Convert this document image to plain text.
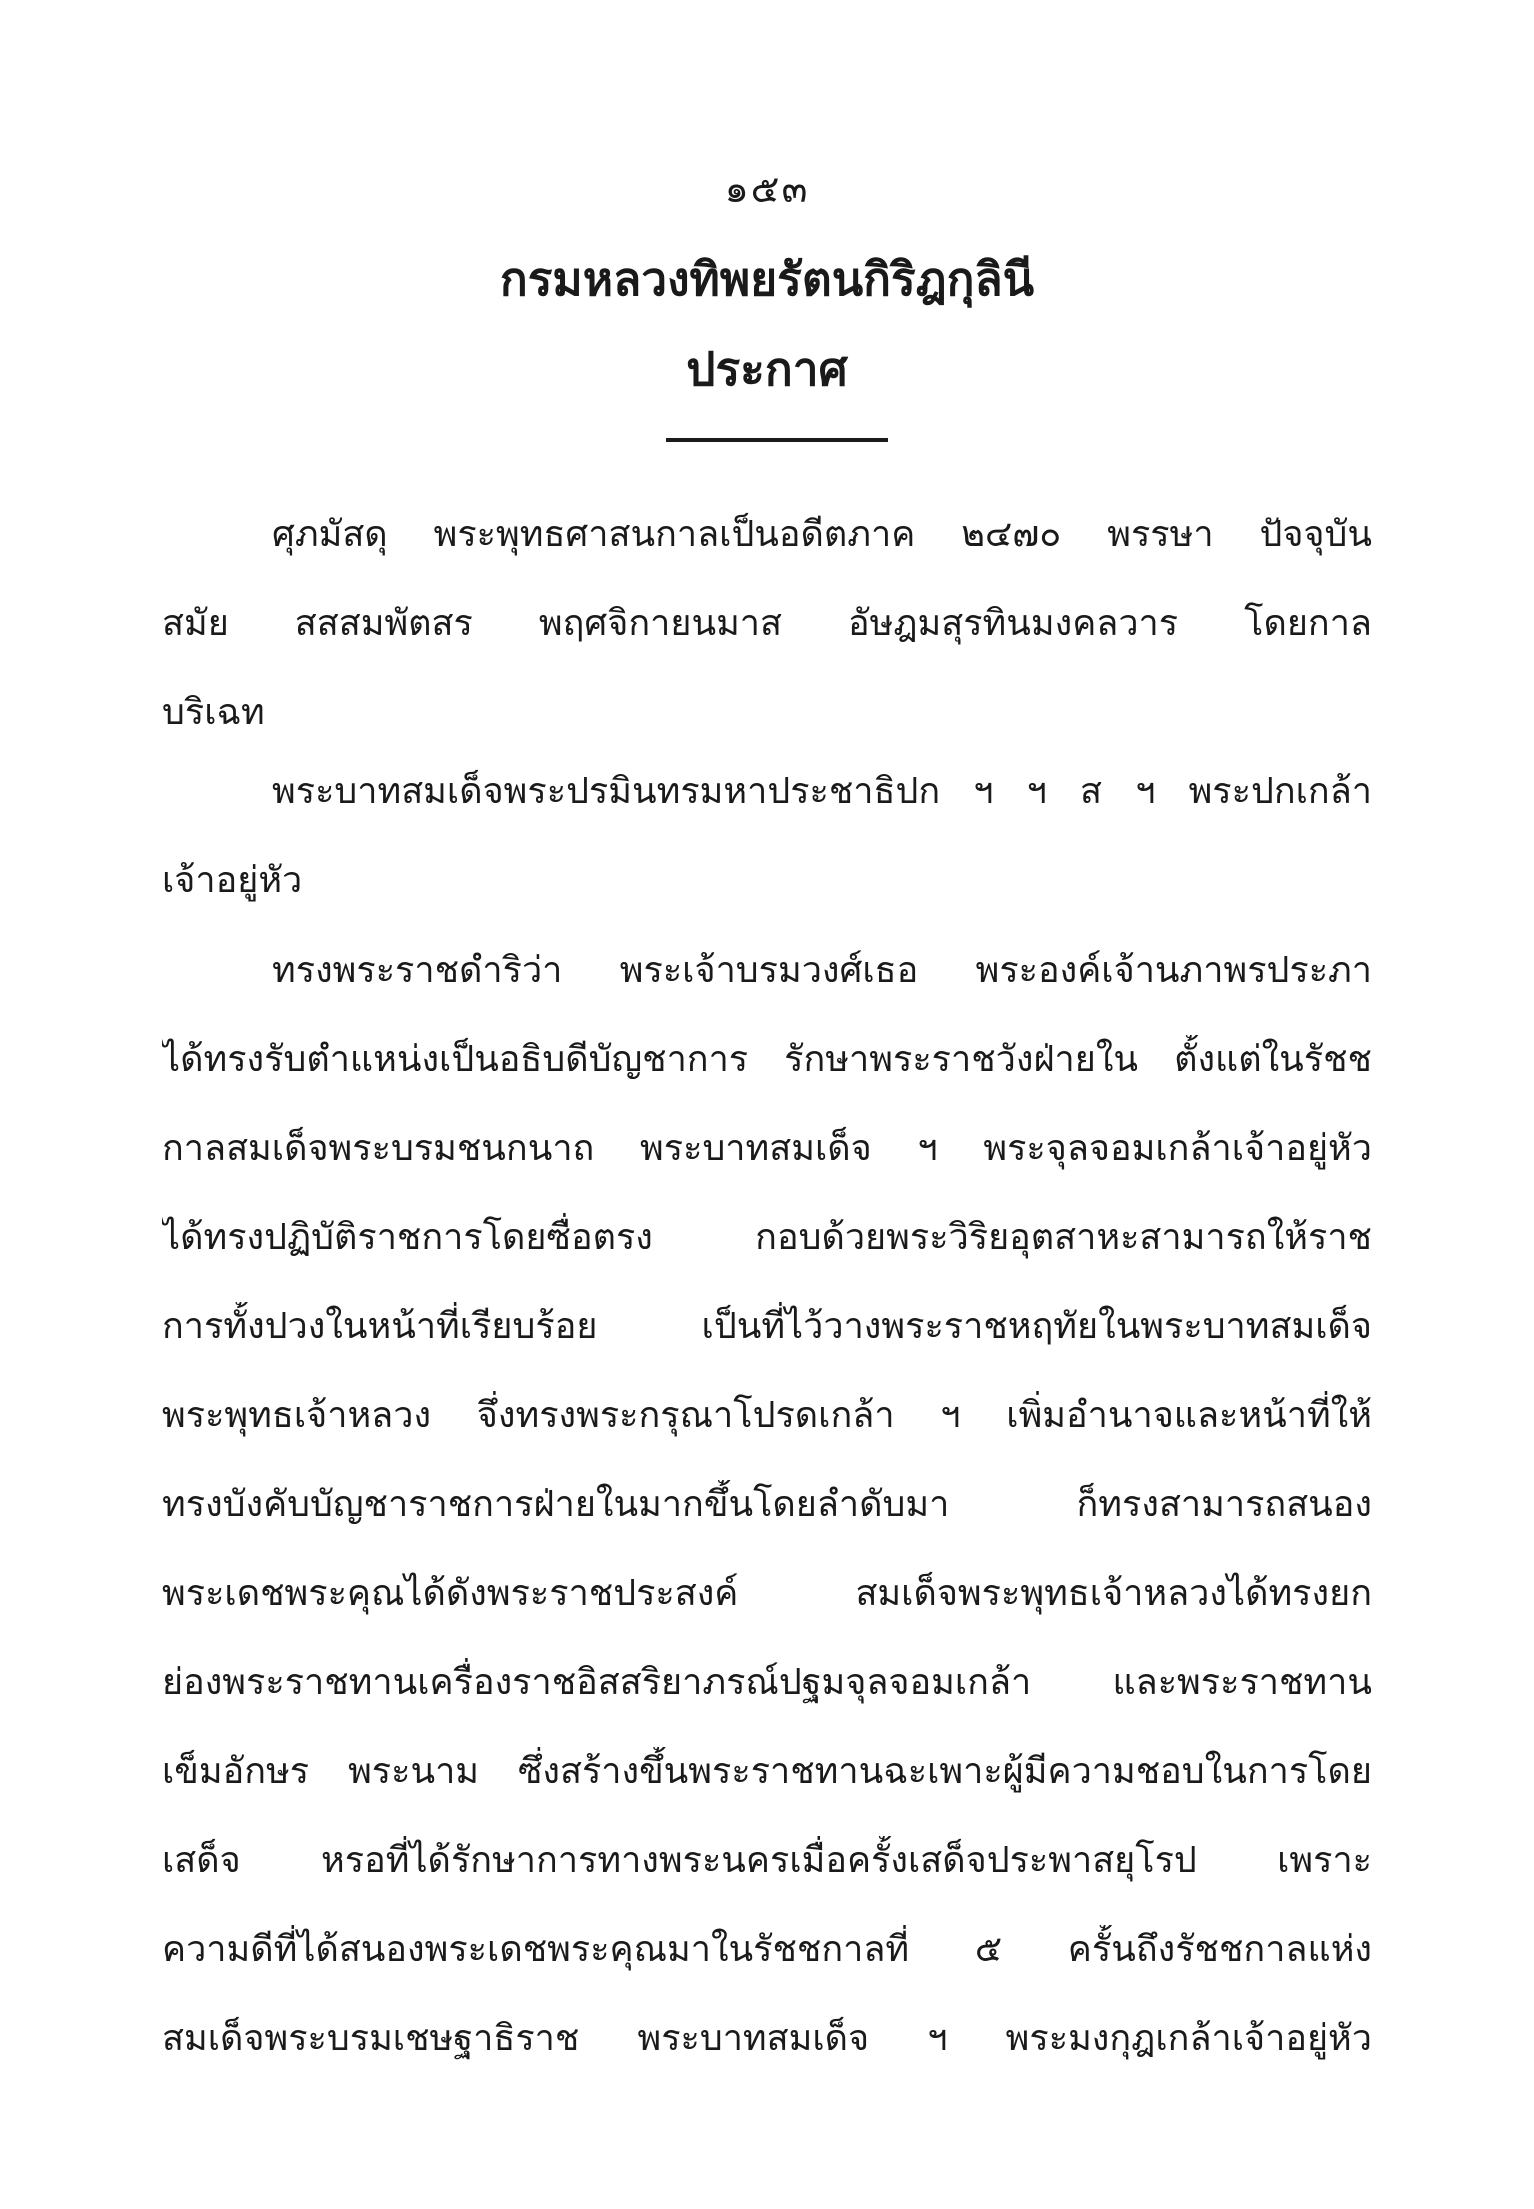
๑๕๓
กรมหลวงทิพยรัตนกิริฎกุลินี
ประกาศ
ศุภมัสดุ พระพุทธศาสนกาลเป็นอดีตภาค ๒๔๗๐ พรรษา ปัจจุบัน
สมัย สสสมพัตสร พฤศจิกายนมาส อัษฎมสุรทินมงคลวาร โดยกาล
บริเฉท
พระบาทสมเด็จพระปรมินทรมหาประชาธิปก ฯ ฯ ส ฯ พระปกเกล้า
เจ้าอยู่หัว
ทรงพระราชดำริว่า พระเจ้าบรมวงศ์เธอ พระองค์เจ้านภาพรประภา
ได้ทรงรับตำแหน่งเป็นอธิบดีบัญชาการ รักษาพระราชวังฝ่ายใน ตั้งแต่ในรัชช
กาลสมเด็จพระบรมชนกนาถ พระบาทสมเด็จ ฯ พระจุลจอมเกล้าเจ้าอยู่หัว
ได้ทรงปฏิบัติราชการโดยซื่อตรง กอบด้วยพระวิริยอุตสาหะสามารถให้ราช
การทั้งปวงในหน้าที่เรียบร้อย เป็นที่ไว้วางพระราชหฤทัยในพระบาทสมเด็จ
พระพุทธเจ้าหลวง จึ่งทรงพระกรุณาโปรดเกล้า ฯ เพิ่มอำนาจและหน้าที่ให้
ทรงบังคับบัญชาราชการฝ่ายในมากขึ้นโดยลำดับมา ก็ทรงสามารถสนอง
พระเดชพระคุณได้ดังพระราชประสงค์ สมเด็จพระพุทธเจ้าหลวงได้ทรงยก
ย่องพระราชทานเครื่องราชอิสสริยาภรณ์ปฐมจุลจอมเกล้า และพระราชทาน
เข็มอักษร พระนาม ซึ่งสร้างขึ้นพระราชทานฉะเพาะผู้มีความชอบในการโดย
เสด็จ หรอที่ได้รักษาการทางพระนครเมื่อครั้งเสด็จประพาสยุโรป เพราะ
ความดีที่ได้สนองพระเดชพระคุณมาในรัชชกาลที่ ๕ ครั้นถึงรัชชกาลแห่ง
สมเด็จพระบรมเชษฐาธิราช พระบาทสมเด็จ ฯ พระมงกุฎเกล้าเจ้าอยู่หัว
